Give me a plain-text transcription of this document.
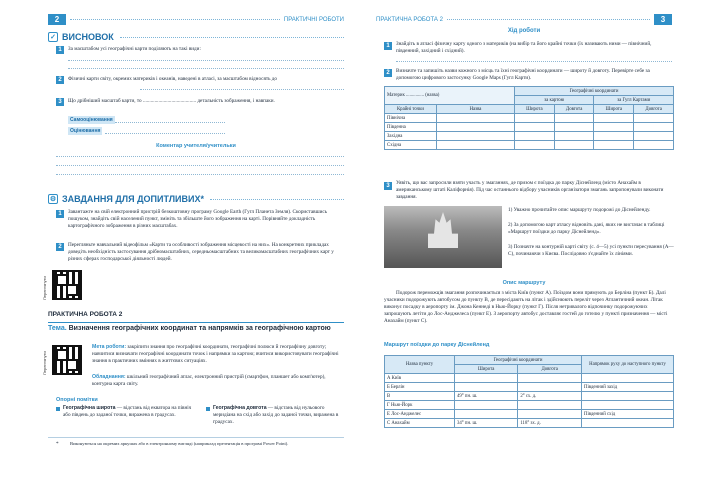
2	ПРАКТИЧНІ РОБОТИ
✓ ВИСНОВОК
1	За масштабом усі географічні карти поділяють на такі види:
2	Фізичні карти світу, окремих материків і океанів, наведені в атласі, за масштабом відносять до
3	Що дрібніший масштаб карти, то ......................................... детальність зображення, і навпаки.
Самооцінювання
Оцінювання
Коментар учителя/учительки
⚙ ЗАВДАННЯ ДЛЯ ДОПИТЛИВИХ*
1	Завантажте на свій електронний пристрій безкоштовну програму Google Earth (Гугл Планета Земля). Скориставшись пошуком, знайдіть свій населений пункт, змініть та збільште його зображення на карті. Порівняйте докладність картографічного зображення в різних масштабах.
2	Перегляньте навчальний відеофільм «Карти та особливості зображення місцевості на них». На конкретних прикладах доведіть необхідність застосування дрібномасштабних, середньомасштабних та великомасштабних географічних карт у різних сферах господарської діяльності людей.
Переглянути
ПРАКТИЧНА РОБОТА 2
Тема. Визначення географічних координат та напрямків за географічною картою
Переглянути
Мета роботи: закріпити знання про географічні координати, географічні полюси й географічну довготу; навчитися визначати географічні координати точок і напрямки за картою; вчитися використовувати географічні знання в практичних вміннях в життєвих ситуаціях.
Обладнання: шкільний географічний атлас, електронний пристрій (смартфон, планшет або комп'ютер), контурна карта світу.
Опорні помітки
Географічна широта — відстань від екватора на північ або південь до заданої точки, виражена в градусах.
Географічна довгота — відстань від нульового меридіана на схід або захід до заданої точки, виражена в градусах.
*	Виконуються на окремих аркушах або в електронному вигляді (наприклад презентація в програмі Power Point).
ПРАКТИЧНА РОБОТА 2	3
Хід роботи
1	Знайдіть в атласі фізичну карту одного з материків (на вибір та його крайні точки (їх називають ними — північний, південний, західний і східний).
2	Визначте та запишіть назви кожного з місць та їхні географічні координати — широту й довготу. Перевірте себе за допомогою цифрового застосунку Google Maps (Гугл Карти).
Материк ............... (назва)		Географічні координати			
		за картою		за Гугл Картами	
Крайні точки	Назва	Широта	Довгота	Широта	Довгота
Північна					
Південна					
Західна					
Східна					
3	Уявіть, що вас запросили взяти участь у змаганнях, де призом є поїздка до парку Діснейленд (місто Анахайм в американському штаті Каліфорнія). Під час останнього відбору учасників організатори змагань запропонували виконати завдання.
1) Уважно прочитайте опис маршруту подорожі до Діснейленду.
2) За допомогою карт атласу відновіть дані, яких не вистачає в таблиці «Маршрут поїздки до парку Діснейленд».
3) Позначте на контурній карті світу (с. 4—5) усі пункти пересування (А—С), починаючи з Києва. Послідовно з'єднайте їх лініями.
Опис маршруту
Подорож переможців змагання розпочинається з міста Київ (пункт А). Поїздом вони прямують до Берліна (пункт Б). Далі учасники подорожують автобусом до пункту В, де пересідають на літак і здійснюють переліт через Атлантичний океан. Літак виконує посадку в аеропорту ім. Джона Кеннеді в Нью-Йорку (пункт Г). Після нетривалого відпочинку подорожуючих запрошують летіти до Лос-Анджелеса (пункт Е). З аеропорту автобус доставляє гостей до готелю у пункті призначення — місті Анахайм (пункт С).
Маршрут поїздки до парку Діснейленд
Назва пункту	Географічні координати		Напрямок руху до наступного пункту
	Широта	Довгота	
А Київ			
Б Берлін			Південний захід
В	49° пн. ш.	2° сх. д.	
Г Нью-Йорк			
Е Лос-Анджелес			Південний схід
С Анахайм	34° пн. ш.	118° зх. д.	
